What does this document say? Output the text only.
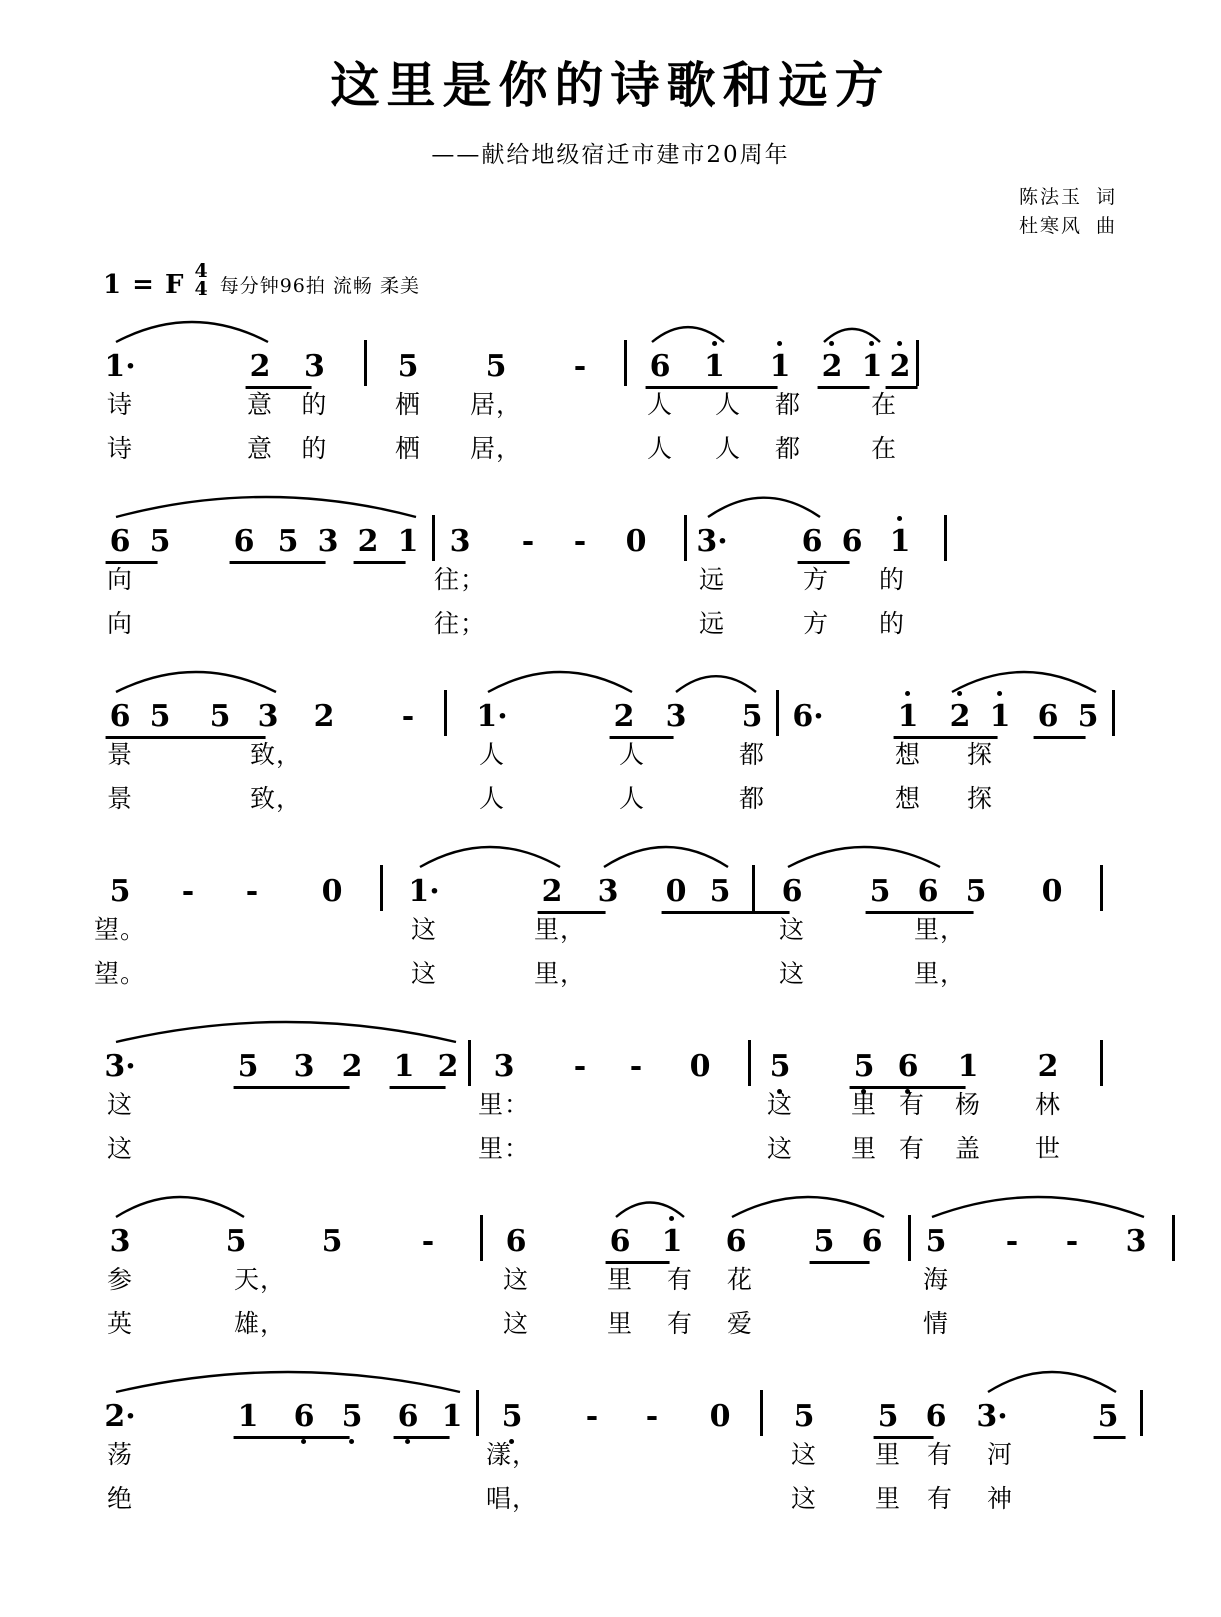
这里是你的诗歌和远方
——献给地级宿迁市建市20周年
陈法玉 词
杜寒风 曲
1 = F 4
4 每分钟96拍 流畅 柔美
1·	2 3 5 5 - 6 1 1 2 1 2
诗	意 的	栖 居，	人 人 都	在
诗	意 的	栖 居，	人 人 都	在
6 5 6 5 3 2 1 3 - - 0 3· 6 6 1
向	往；	远	方 的
向	往；	远	方 的
6 5 5 3 2 - 1·	2 3 5 6· 1 2 1 6 5
景	致，	人	人	都	想 探
景	致，	人	人	都	想 探
5 - - 0 1·	2 3 0 5 6 5 6 5 0
望。	这	里，	这	里，
望。	这	里，	这	里，
3·	5 3 2 1 2 3 - - 0 5 5 6 1 2
这	里：	这 里 有 杨 林
这	里：	这 里 有 盖 世
3	5	5	- 6	6 1 6 5 6 5 - - 3
参	天，	这	里 有 花	海
英	雄，	这	里 有 爱	情
2·	1 6 5 6 1 5 - - 0 5 5 6 3·	5
荡	漾，	这 里 有 河
绝	唱，	这 里 有 神
